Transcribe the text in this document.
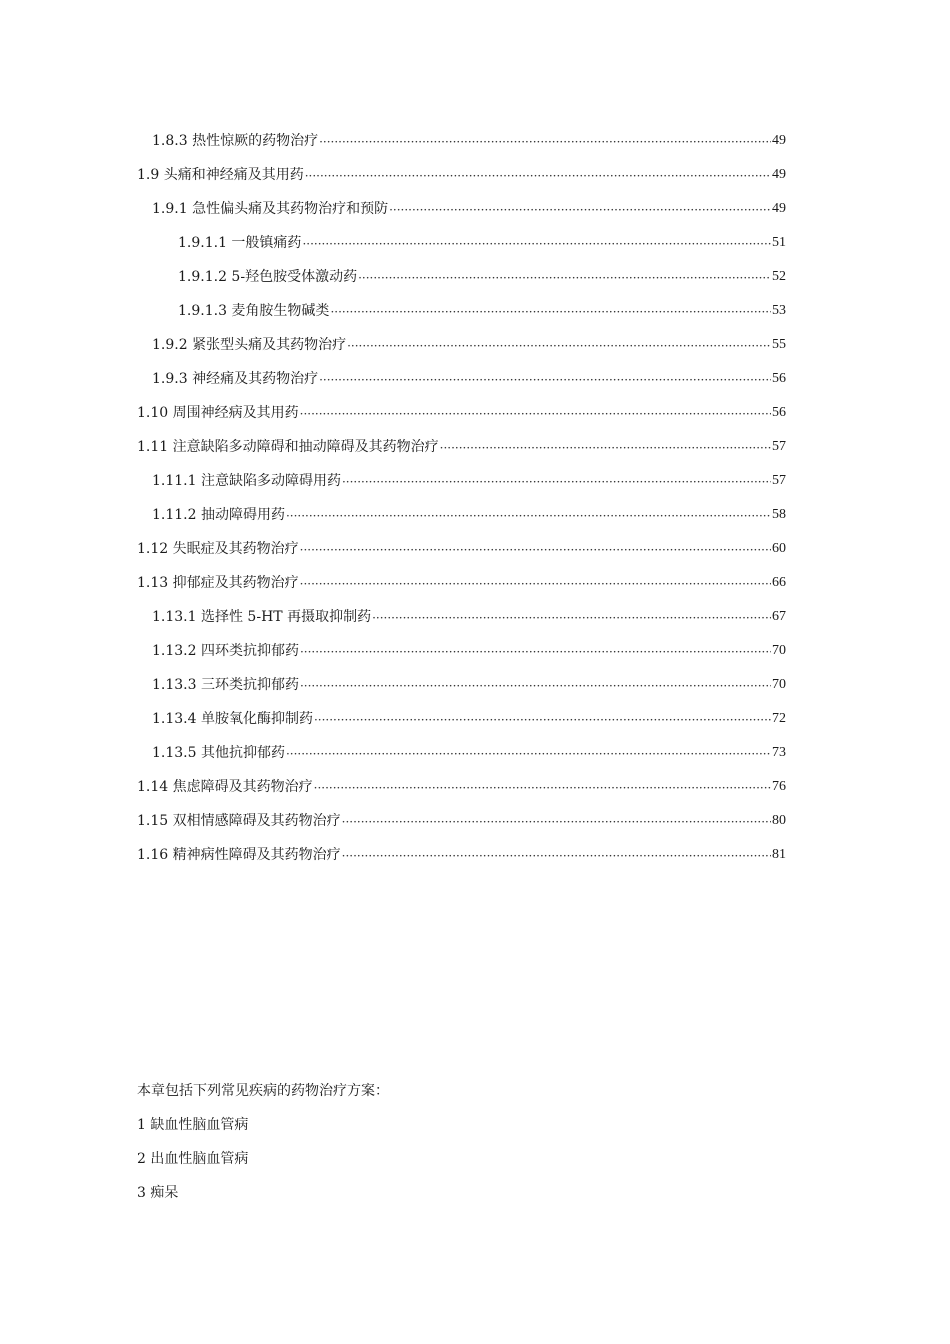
1.8.3 热性惊厥的药物治疗 ·····	49
1.9 头痛和神经痛及其用药 ·····	49
1.9.1 急性偏头痛及其药物治疗和预防 ·····	49
1.9.1.1 一般镇痛药 ·····	51
1.9.1.2 5-羟色胺受体激动药 ·····	52
1.9.1.3 麦角胺生物碱类 ·····	53
1.9.2 紧张型头痛及其药物治疗 ·····	55
1.9.3 神经痛及其药物治疗 ·····	56
1.10 周围神经病及其用药 ·····	56
1.11 注意缺陷多动障碍和抽动障碍及其药物治疗 ·····	57
1.11.1 注意缺陷多动障碍用药 ·····	57
1.11.2 抽动障碍用药 ·····	58
1.12 失眠症及其药物治疗 ·····	60
1.13 抑郁症及其药物治疗 ·····	66
1.13.1 选择性 5-HT 再摄取抑制药 ·····	67
1.13.2 四环类抗抑郁药 ·····	70
1.13.3 三环类抗抑郁药 ·····	70
1.13.4 单胺氧化酶抑制药 ·····	72
1.13.5 其他抗抑郁药 ·····	73
1.14 焦虑障碍及其药物治疗 ·····	76
1.15 双相情感障碍及其药物治疗 ·····	80
1.16 精神病性障碍及其药物治疗 ·····	81
本章包括下列常见疾病的药物治疗方案：
1 缺血性脑血管病
2 出血性脑血管病
3 痴呆
